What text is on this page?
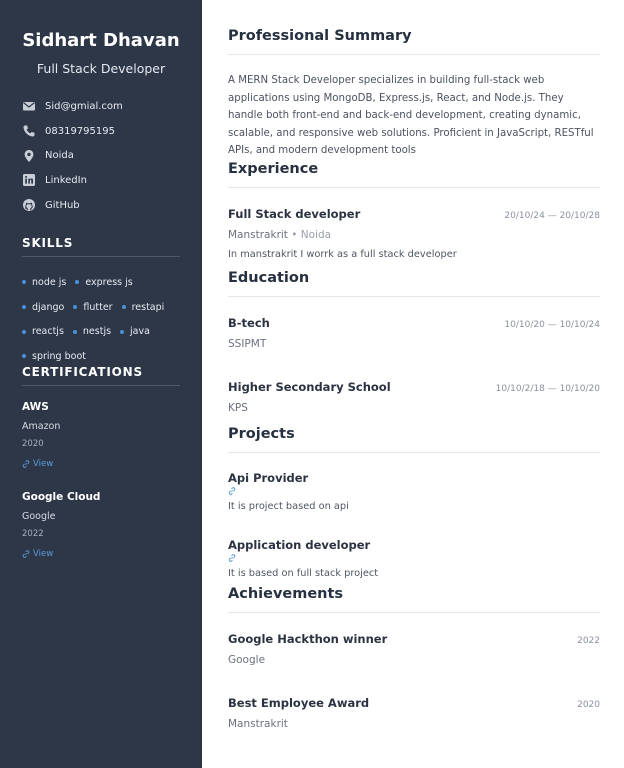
Sidhart Dhavan
Full Stack Developer
Sid@gmial.com
08319795195
Noida
LinkedIn
GitHub
SKILLS
node js express js
django flutter restapi
reactjs nestjs java
spring boot
CERTIFICATIONS
AWS
Amazon
2020
View
Google Cloud
Google
2022
View
Professional Summary
A MERN Stack Developer specializes in building full-stack web applications using MongoDB, Express.js, React, and Node.js. They handle both front-end and back-end development, creating dynamic, scalable, and responsive web solutions. Proficient in JavaScript, RESTful APIs, and modern development tools
Experience
Full Stack developer	20/10/24 — 20/10/28
Manstrakrit • Noida
In manstrakrit I worrk as a full stack developer
Education
B-tech	10/10/20 — 10/10/24
SSIPMT
Higher Secondary School	10/10/2/18 — 10/10/20
KPS
Projects
Api Provider
It is project based on api
Application developer
It is based on full stack project
Achievements
Google Hackthon winner	2022
Google
Best Employee Award	2020
Manstrakrit
